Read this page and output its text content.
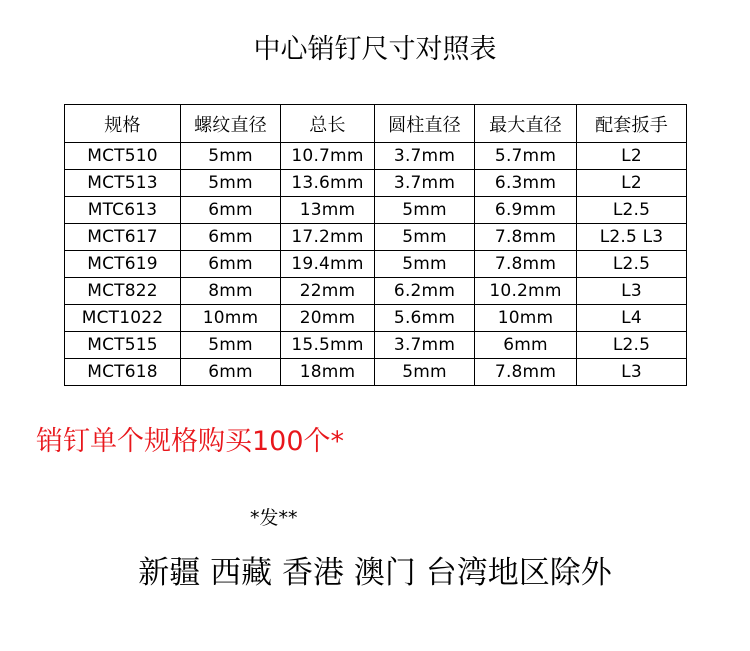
中心销钉尺寸对照表
规格	螺纹直径	总长	圆柱直径	最大直径	配套扳手
MCT510	5mm	10.7mm	3.7mm	5.7mm	L2
MCT513	5mm	13.6mm	3.7mm	6.3mm	L2
MTC613	6mm	13mm	5mm	6.9mm	L2.5
MCT617	6mm	17.2mm	5mm	7.8mm	L2.5 L3
MCT619	6mm	19.4mm	5mm	7.8mm	L2.5
MCT822	8mm	22mm	6.2mm	10.2mm	L3
MCT1022	10mm	20mm	5.6mm	10mm	L4
MCT515	5mm	15.5mm	3.7mm	6mm	L2.5
MCT618	6mm	18mm	5mm	7.8mm	L3
销钉单个规格购买100个*
*发**
新疆 西藏 香港 澳门 台湾地区除外
